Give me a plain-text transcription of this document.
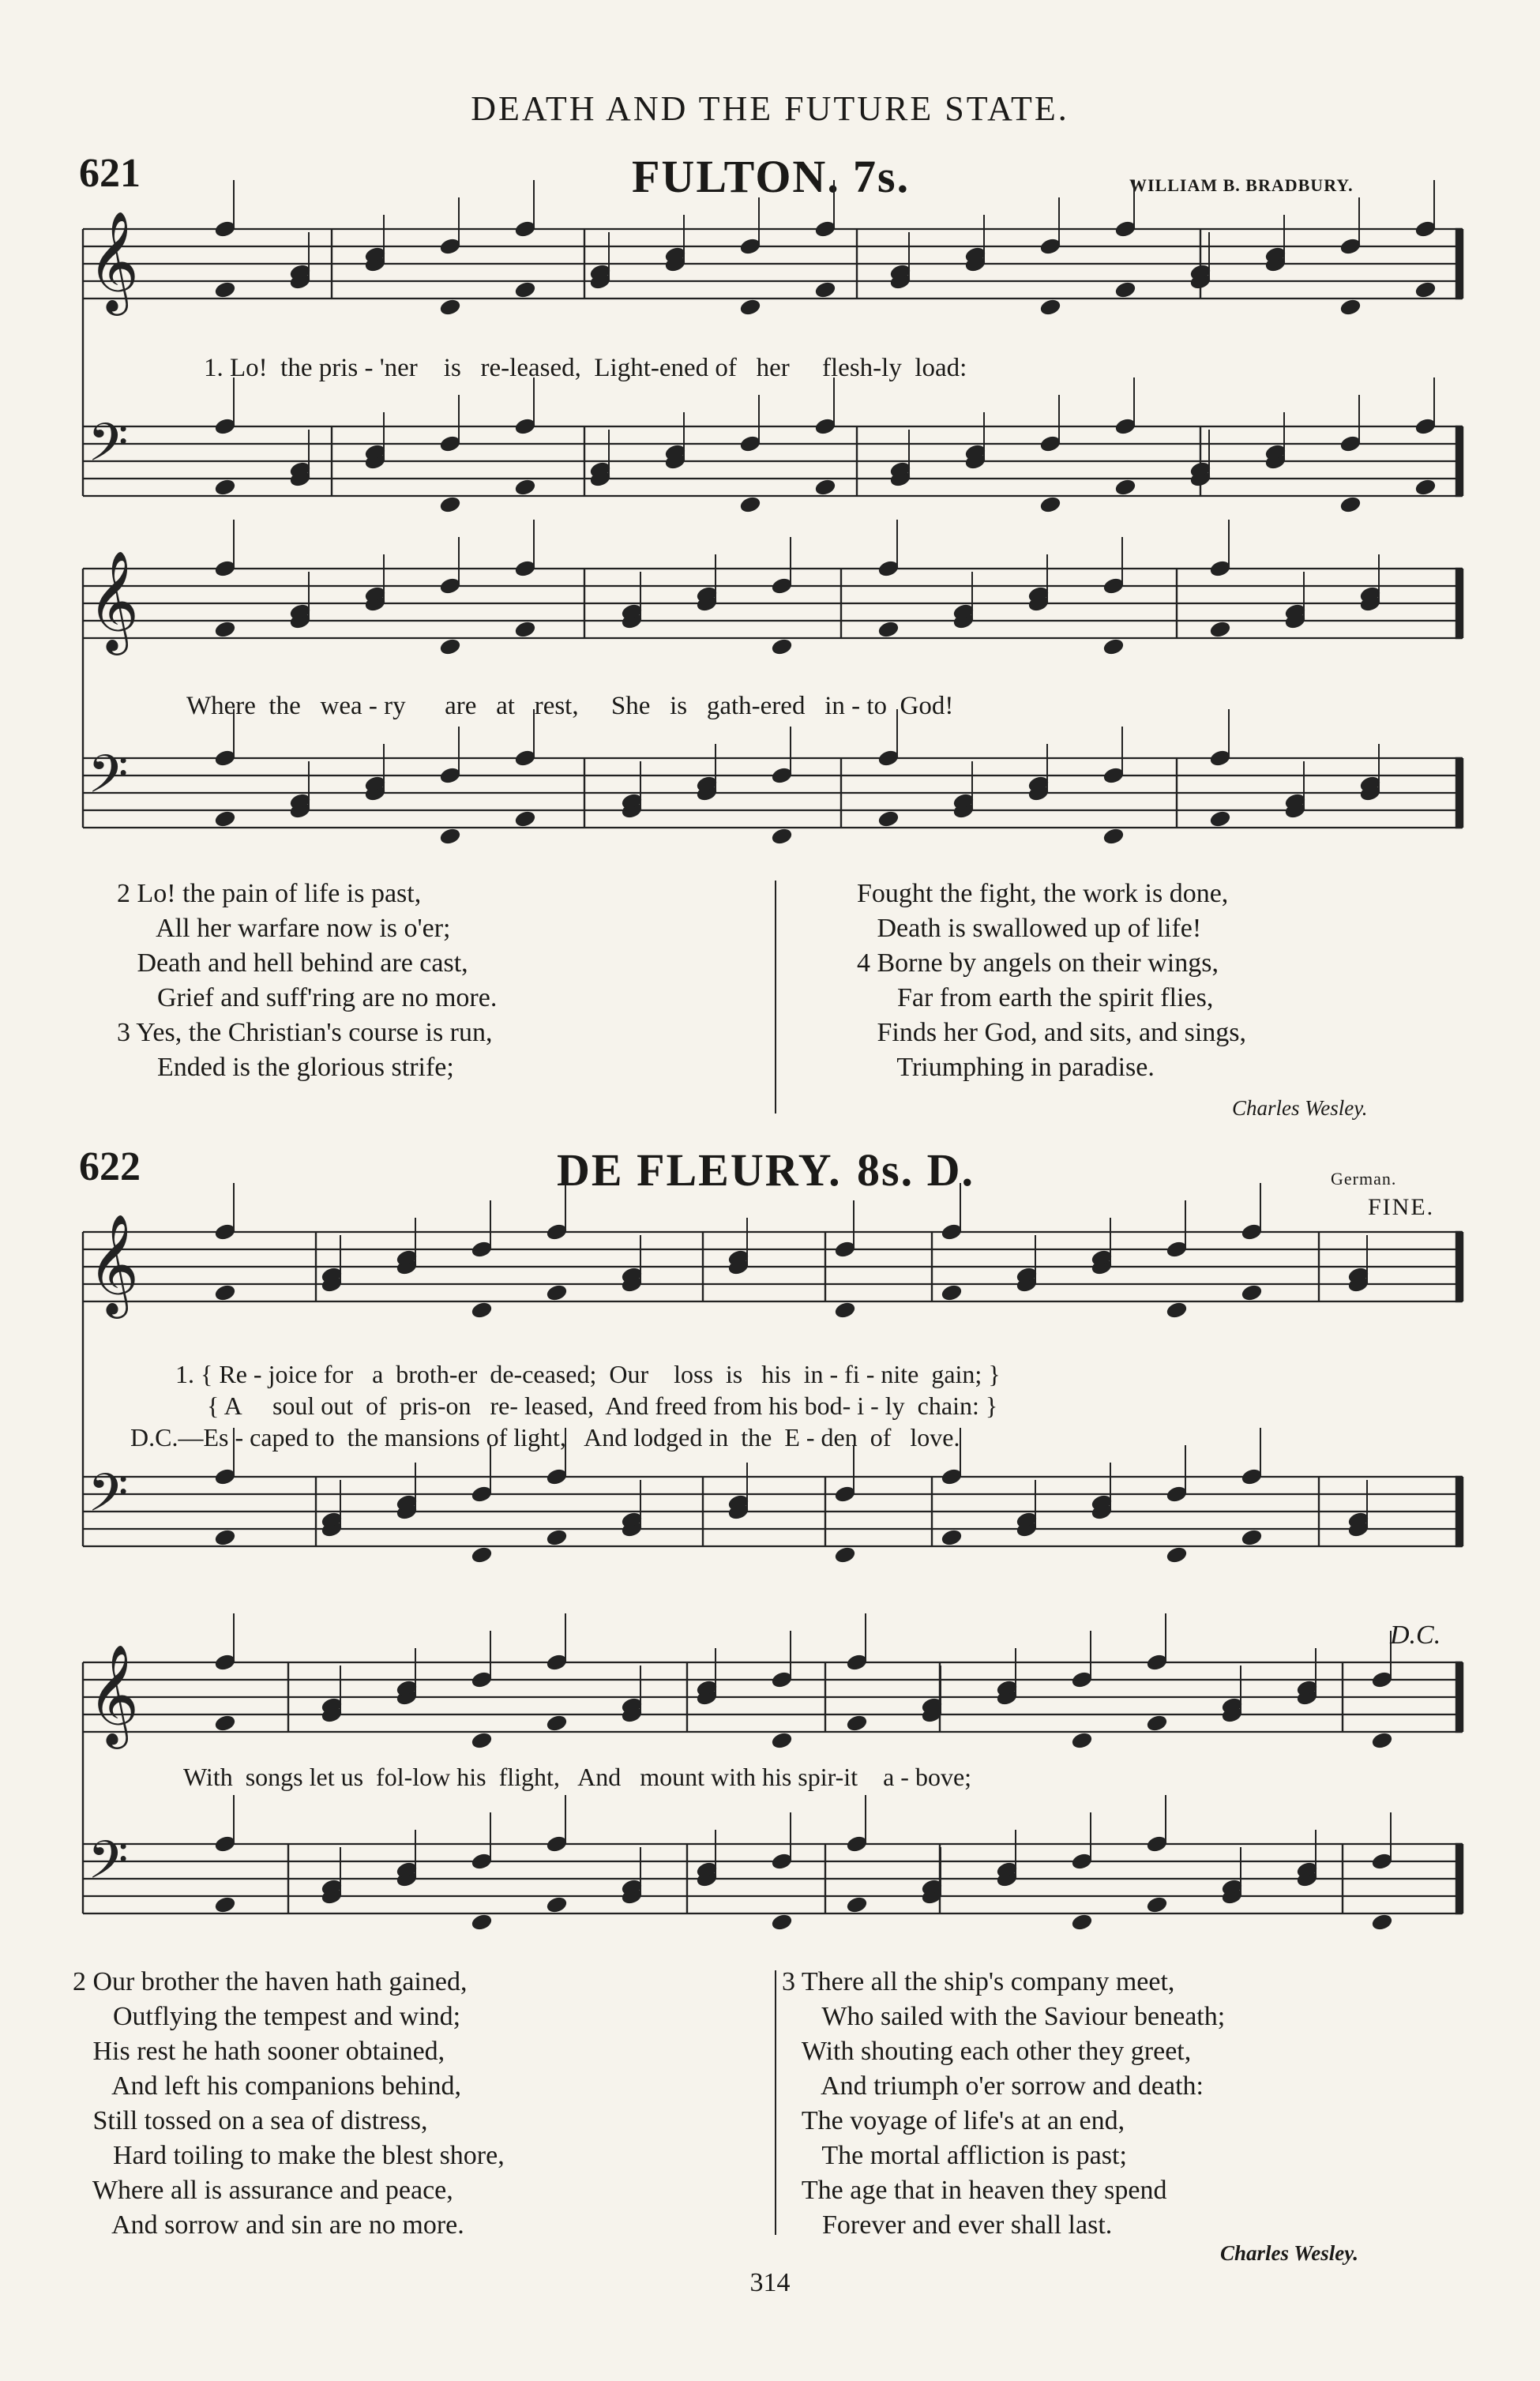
DEATH AND THE FUTURE STATE.
621	FULTON. 7s.	WILLIAM B. BRADBURY.
𝄞
𝄢
𝄞
𝄢
𝄞
𝄢
𝄞
𝄢
1. Lo!  the pris - 'ner    is   re-leased,  Light-ened of   her     flesh-ly  load:
Where  the   wea - ry      are   at   rest,     She   is   gath-ered   in - to  God!

2 Lo! the pain of life is past,

All her warfare now is o'er;

Death and hell behind are cast,

Grief and suff'ring are no more.

3 Yes, the Christian's course is run,

Ended is the glorious strife;

Fought the fight, the work is done,

Death is swallowed up of life!

4 Borne by angels on their wings,

Far from earth the spirit flies,

Finds her God, and sits, and sings,

Triumphing in paradise.

Charles Wesley.
622	DE FLEURY. 8s. D.	German.
FINE.
1. { Re - joice for   a  broth-er  de-ceased;  Our    loss  is   his  in - fi - nite  gain; }
{ A     soul out  of  pris-on   re- leased,  And freed from his bod- i - ly  chain: }
D.C.—Es - caped to  the mansions of light,   And lodged in  the  E - den  of   love.
D.C.
With  songs let us  fol-low his  flight,   And   mount with his spir-it    a - bove;

2 Our brother the haven hath gained,

Outflying the tempest and wind;

His rest he hath sooner obtained,

And left his companions behind,

Still tossed on a sea of distress,

Hard toiling to make the blest shore,

Where all is assurance and peace,

And sorrow and sin are no more.

3 There all the ship's company meet,

Who sailed with the Saviour beneath;

With shouting each other they greet,

And triumph o'er sorrow and death:

The voyage of life's at an end,

The mortal affliction is past;

The age that in heaven they spend

Forever and ever shall last.

Charles Wesley.
314
